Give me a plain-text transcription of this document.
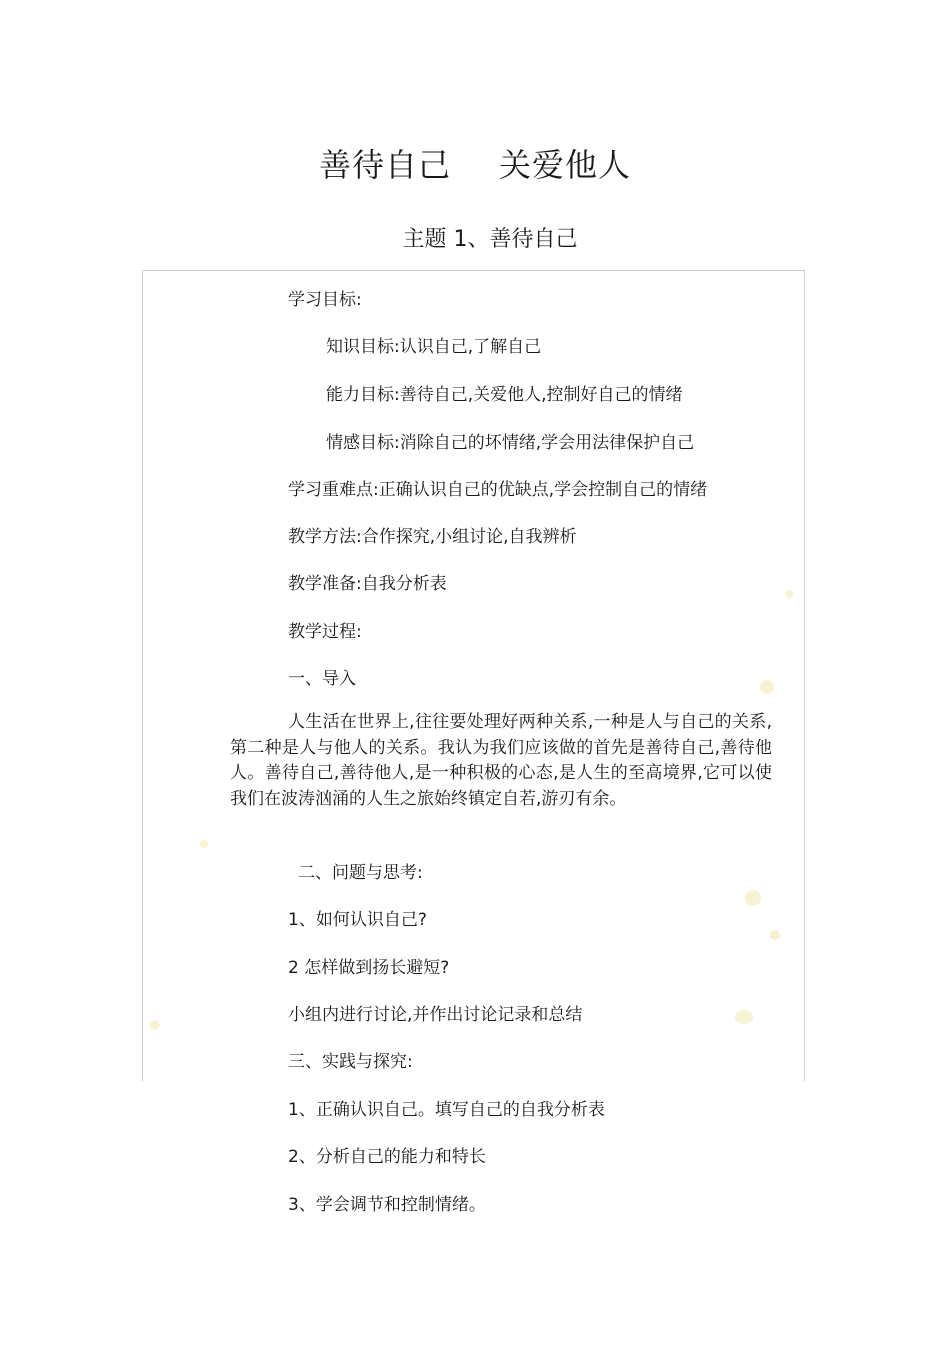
善待自己 关爱他人
主题 1、善待自己
学习目标:
知识目标:认识自己,了解自己
能力目标:善待自己,关爱他人,控制好自己的情绪
情感目标:消除自己的坏情绪,学会用法律保护自己
学习重难点:正确认识自己的优缺点,学会控制自己的情绪
教学方法:合作探究,小组讨论,自我辨析
教学准备:自我分析表
教学过程:
一、导入
人生活在世界上,往往要处理好两种关系,一种是人与自己的关系,第二种是人与他人的关系。我认为我们应该做的首先是善待自己,善待他人。善待自己,善待他人,是一种积极的心态,是人生的至高境界,它可以使我们在波涛汹涌的人生之旅始终镇定自若,游刃有余。
二、问题与思考:
1、如何认识自己?
2 怎样做到扬长避短?
小组内进行讨论,并作出讨论记录和总结
三、实践与探究:
1、正确认识自己。填写自己的自我分析表
2、分析自己的能力和特长
3、学会调节和控制情绪。
